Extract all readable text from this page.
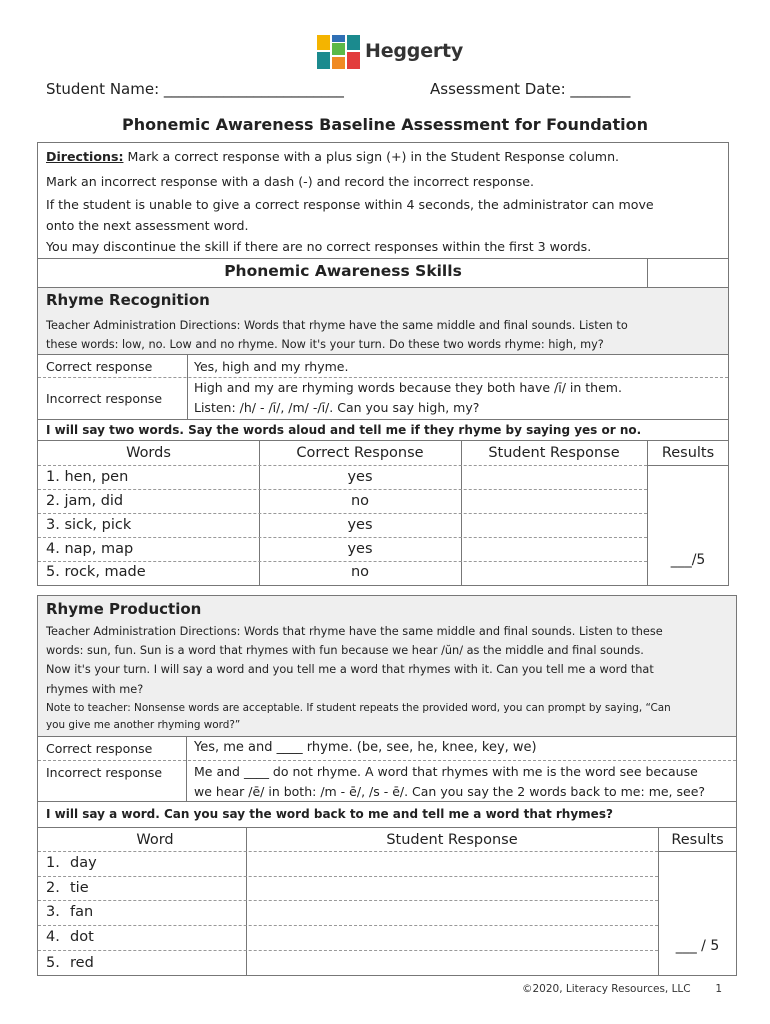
Heggerty
Student Name: ________________________	Assessment Date: ________
Phonemic Awareness Baseline Assessment for Foundation

Directions: Mark a correct response with a plus sign (+) in the Student Response column.

Mark an incorrect response with a dash (-) and record the incorrect response.

If the student is unable to give a correct response within 4 seconds, the administrator can move

onto the next assessment word.

You may discontinue the skill if there are no correct responses within the first 3 words.

Phonemic Awareness Skills
Rhyme Recognition
Teacher Administration Directions: Words that rhyme have the same middle and final sounds. Listen to
these words: low, no. Low and no rhyme. Now it's your turn. Do these two words rhyme: high, my?
Correct response	Yes, high and my rhyme.
Incorrect response
High and my are rhyming words because they both have /ī/ in them.
Listen: /h/ - /ī/, /m/ -/ī/. Can you say high, my?
I will say two words. Say the words aloud and tell me if they rhyme by saying yes or no.
Words	Correct Response	Student Response	Results
1. hen, pen	yes
2. jam, did	no
3. sick, pick	yes
4. nap, map	yes
5. rock, made	no
___/5
Rhyme Production
Teacher Administration Directions: Words that rhyme have the same middle and final sounds. Listen to these
words: sun, fun. Sun is a word that rhymes with fun because we hear /ŭn/ as the middle and final sounds.
Now it's your turn. I will say a word and you tell me a word that rhymes with it. Can you tell me a word that
rhymes with me?
Note to teacher: Nonsense words are acceptable. If student repeats the provided word, you can prompt by saying, “Can
you give me another rhyming word?”
Correct response	Yes, me and ____ rhyme. (be, see, he, knee, key, we)
Incorrect response	Me and ____ do not rhyme. A word that rhymes with me is the word see because
we hear /ē/ in both: /m - ē/, /s - ē/. Can you say the 2 words back to me: me, see?
I will say a word. Can you say the word back to me and tell me a word that rhymes?
Word	Student Response	Results
1. day
2. tie
3. fan
4. dot
5. red
___ / 5
©2020, Literacy Resources, LLC 1
